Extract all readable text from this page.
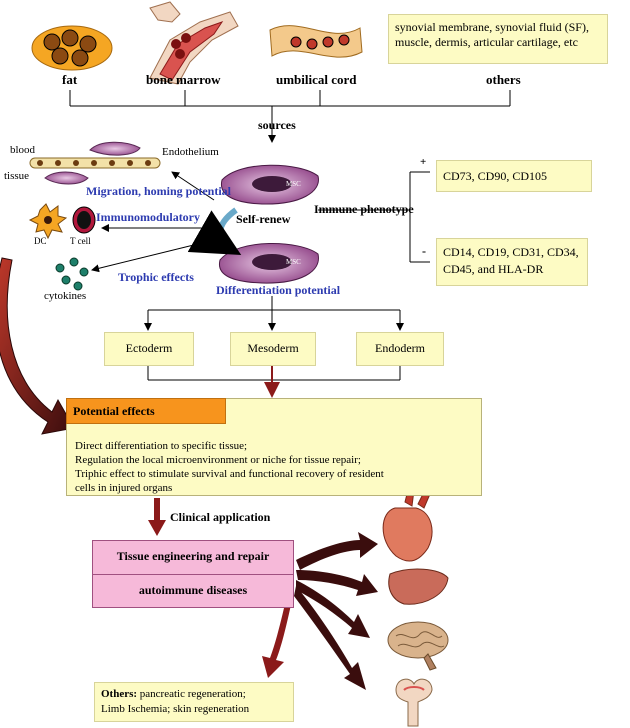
fat	bone marrow	umbilical cord	others
synovial membrane, synovial fluid (SF), muscle, dermis, articular cartilage, etc
sources
blood
tissue
Endothelium
Migration, homing potential
Immunomodulatory
DC	T cell
Trophic effects
cytokines
MSC
MSC
Self-renew
Differentiation potential
Immune phenotype
+
-
CD73, CD90, CD105
CD14, CD19, CD31, CD34, CD45, and HLA-DR
Ectoderm	Mesoderm	Endoderm
Potential effects
Direct differentiation to specific tissue;
Regulation the local microenvironment or niche for tissue repair;
Triphic effect to stimulate survival and functional recovery of resident
cells in injured organs
Clinical application
Tissue engineering and repair
autoimmune diseases
Others: pancreatic regeneration;
Limb Ischemia; skin regeneration
